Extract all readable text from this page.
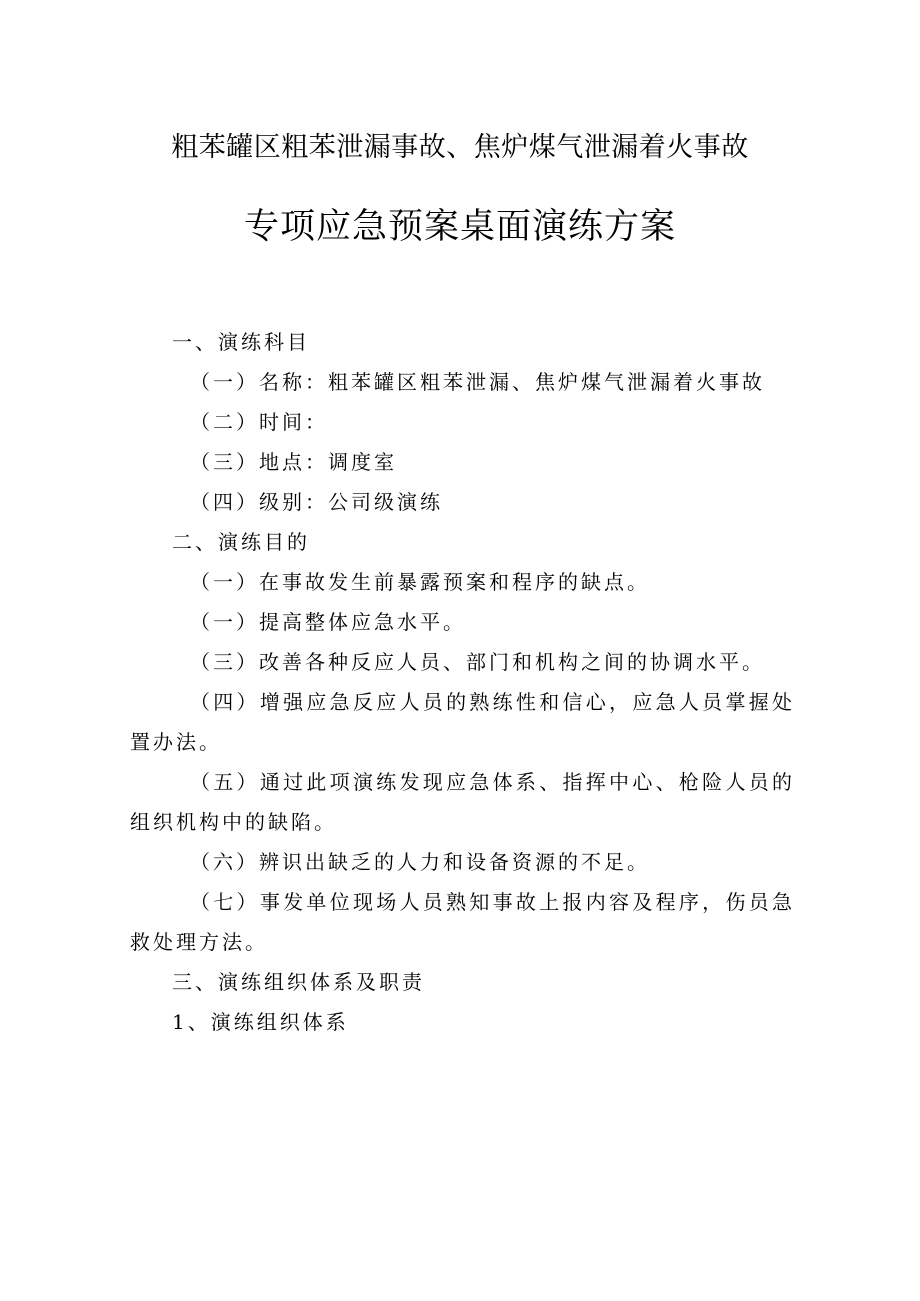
粗苯罐区粗苯泄漏事故、焦炉煤气泄漏着火事故
专项应急预案桌面演练方案
一、演练科目
（一）名称：粗苯罐区粗苯泄漏、焦炉煤气泄漏着火事故
（二）时间：
（三）地点：调度室
（四）级别：公司级演练
二、演练目的
（一）在事故发生前暴露预案和程序的缺点。
（一）提高整体应急水平。
（三）改善各种反应人员、部门和机构之间的协调水平。
（四）增强应急反应人员的熟练性和信心，应急人员掌握处置办法。
（五）通过此项演练发现应急体系、指挥中心、枪险人员的组织机构中的缺陷。
（六）辨识出缺乏的人力和设备资源的不足。
（七）事发单位现场人员熟知事故上报内容及程序，伤员急救处理方法。
三、演练组织体系及职责
1、演练组织体系
